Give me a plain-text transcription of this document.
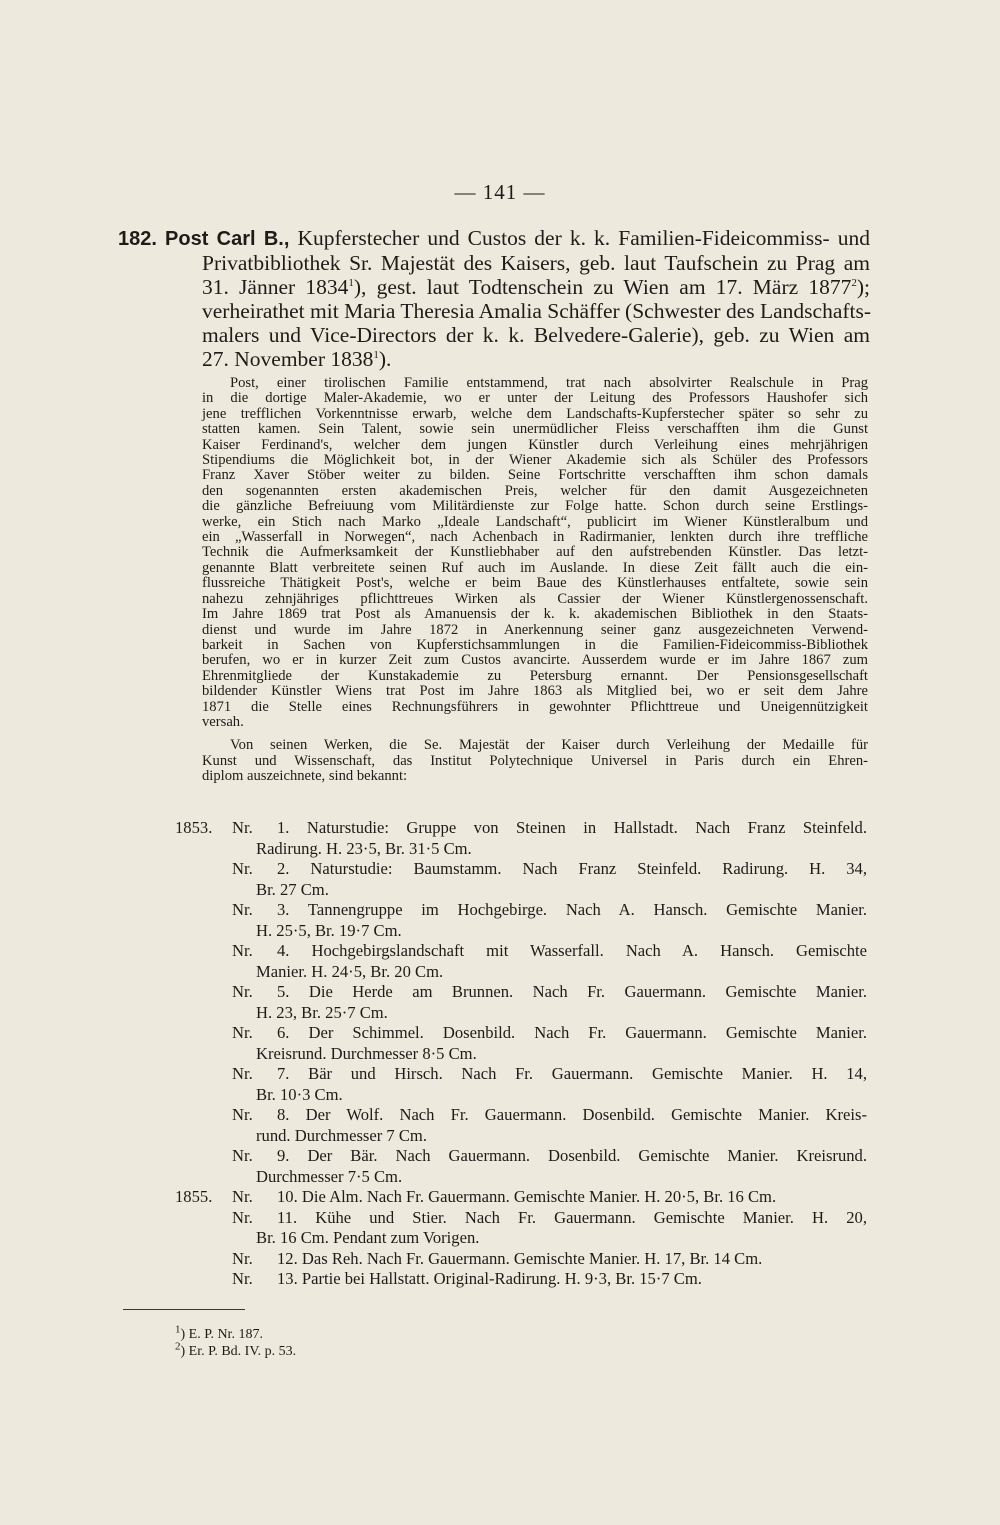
— 141 —
182. Post Carl B., Kupferstecher und Custos der k. k. Familien-Fideicommiss- und
Privatbibliothek Sr. Majestät des Kaisers, geb. laut Taufschein zu Prag am
31. Jänner 1834$^1$), gest. laut Todtenschein zu Wien am 17. März 1877$^2$);
verheirathet mit Maria Theresia Amalia Schäffer (Schwester des Landschafts-
malers und Vice-Directors der k. k. Belvedere-Galerie), geb. zu Wien am
27. November 1838$^1$).
Post, einer tirolischen Familie entstammend, trat nach absolvirter Realschule in Prag
in die dortige Maler-Akademie, wo er unter der Leitung des Professors Haushofer sich
jene trefflichen Vorkenntnisse erwarb, welche dem Landschafts-Kupferstecher später so sehr zu
statten kamen. Sein Talent, sowie sein unermüdlicher Fleiss verschafften ihm die Gunst
Kaiser Ferdinand's, welcher dem jungen Künstler durch Verleihung eines mehrjährigen
Stipendiums die Möglichkeit bot, in der Wiener Akademie sich als Schüler des Professors
Franz Xaver Stöber weiter zu bilden. Seine Fortschritte verschafften ihm schon damals
den sogenannten ersten akademischen Preis, welcher für den damit Ausgezeichneten
die gänzliche Befreiuung vom Militärdienste zur Folge hatte. Schon durch seine Erstlings-
werke, ein Stich nach Marko „Ideale Landschaft“, publicirt im Wiener Künstleralbum und
ein „Wasserfall in Norwegen“, nach Achenbach in Radirmanier, lenkten durch ihre treffliche
Technik die Aufmerksamkeit der Kunstliebhaber auf den aufstrebenden Künstler. Das letzt-
genannte Blatt verbreitete seinen Ruf auch im Auslande. In diese Zeit fällt auch die ein-
flussreiche Thätigkeit Post's, welche er beim Baue des Künstlerhauses entfaltete, sowie sein
nahezu zehnjähriges pflichttreues Wirken als Cassier der Wiener Künstlergenossenschaft.
Im Jahre 1869 trat Post als Amanuensis der k. k. akademischen Bibliothek in den Staats-
dienst und wurde im Jahre 1872 in Anerkennung seiner ganz ausgezeichneten Verwend-
barkeit in Sachen von Kupferstichsammlungen in die Familien-Fideicommiss-Bibliothek
berufen, wo er in kurzer Zeit zum Custos avancirte. Ausserdem wurde er im Jahre 1867 zum
Ehrenmitgliede der Kunstakademie zu Petersburg ernannt. Der Pensionsgesellschaft
bildender Künstler Wiens trat Post im Jahre 1863 als Mitglied bei, wo er seit dem Jahre
1871 die Stelle eines Rechnungsführers in gewohnter Pflichttreue und Uneigennützigkeit
versah.
Von seinen Werken, die Se. Majestät der Kaiser durch Verleihung der Medaille für
Kunst und Wissenschaft, das Institut Polytechnique Universel in Paris durch ein Ehren-
diplom auszeichnete, sind bekannt:
1853. Nr. 1. Naturstudie: Gruppe von Steinen in Hallstadt. Nach Franz Steinfeld.
Radirung. H. 23·5, Br. 31·5 Cm.
Nr. 2. Naturstudie: Baumstamm. Nach Franz Steinfeld. Radirung. H. 34,
Br. 27 Cm.
Nr. 3. Tannengruppe im Hochgebirge. Nach A. Hansch. Gemischte Manier.
H. 25·5, Br. 19·7 Cm.
Nr. 4. Hochgebirgslandschaft mit Wasserfall. Nach A. Hansch. Gemischte
Manier. H. 24·5, Br. 20 Cm.
Nr. 5. Die Herde am Brunnen. Nach Fr. Gauermann. Gemischte Manier.
H. 23, Br. 25·7 Cm.
Nr. 6. Der Schimmel. Dosenbild. Nach Fr. Gauermann. Gemischte Manier.
Kreisrund. Durchmesser 8·5 Cm.
Nr. 7. Bär und Hirsch. Nach Fr. Gauermann. Gemischte Manier. H. 14,
Br. 10·3 Cm.
Nr. 8. Der Wolf. Nach Fr. Gauermann. Dosenbild. Gemischte Manier. Kreis-
rund. Durchmesser 7 Cm.
Nr. 9. Der Bär. Nach Gauermann. Dosenbild. Gemischte Manier. Kreisrund.
Durchmesser 7·5 Cm.
1855. Nr. 10. Die Alm. Nach Fr. Gauermann. Gemischte Manier. H. 20·5, Br. 16 Cm.
Nr. 11. Kühe und Stier. Nach Fr. Gauermann. Gemischte Manier. H. 20,
Br. 16 Cm. Pendant zum Vorigen.
Nr. 12. Das Reh. Nach Fr. Gauermann. Gemischte Manier. H. 17, Br. 14 Cm.
Nr. 13. Partie bei Hallstatt. Original-Radirung. H. 9·3, Br. 15·7 Cm.
$^1$) E. P. Nr. 187.
$^2$) Er. P. Bd. IV. p. 53.
